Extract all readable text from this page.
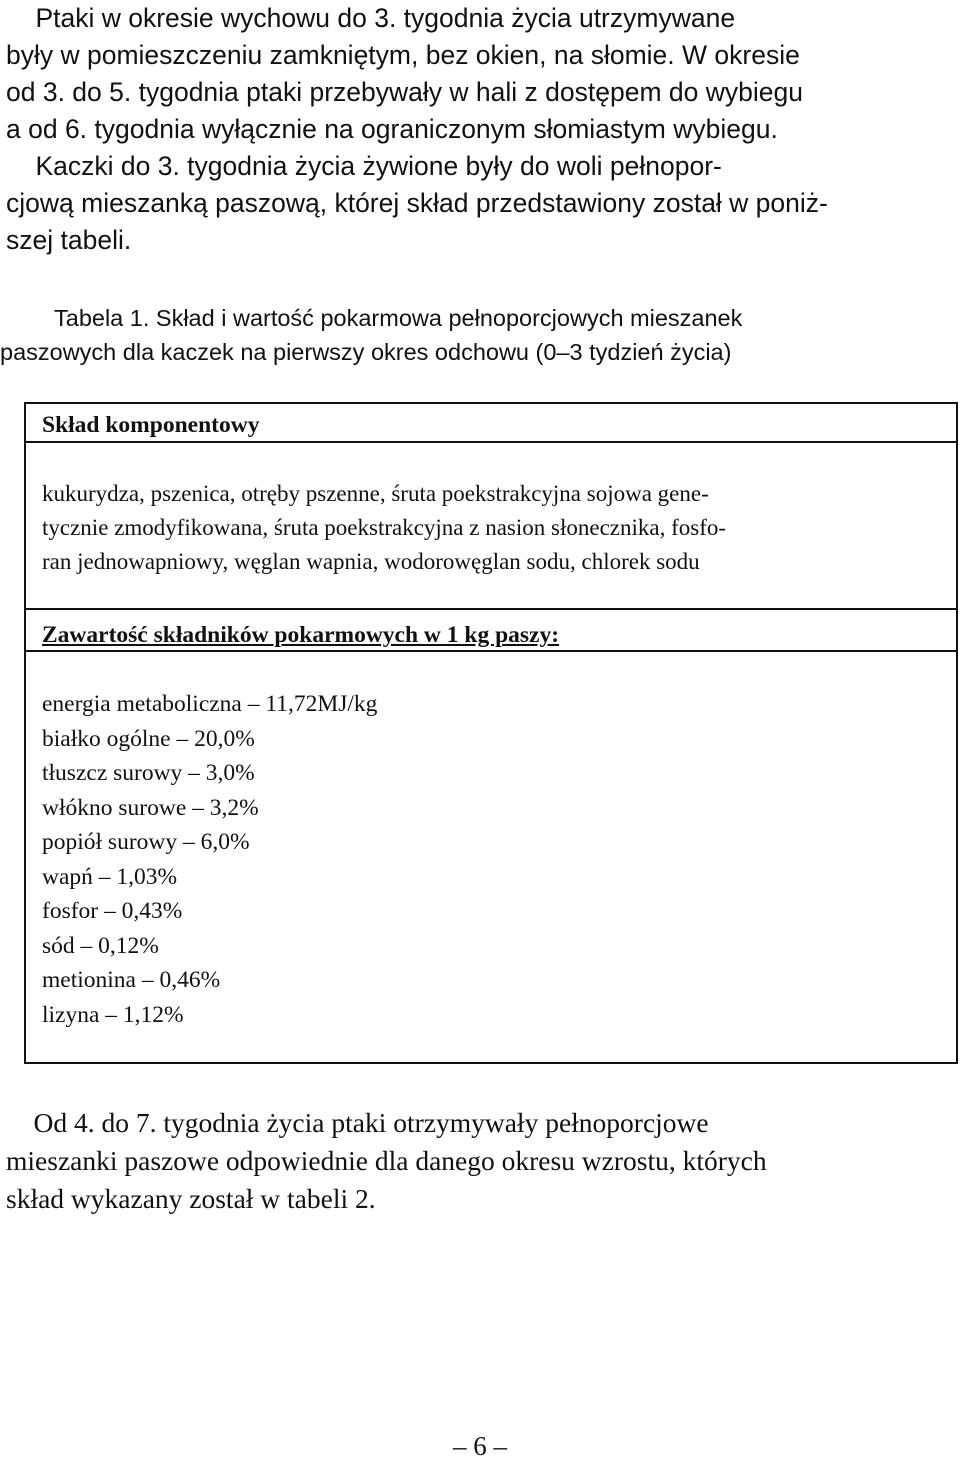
Ptaki w okresie wychowu do 3. tygodnia życia utrzymywane
były w pomieszczeniu zamkniętym, bez okien, na słomie. W okresie
od 3. do 5. tygodnia ptaki przebywały w hali z dostępem do wybiegu
a od 6. tygodnia wyłącznie na ograniczonym słomiastym wybiegu.
Kaczki do 3. tygodnia życia żywione były do woli pełnopor-
cjową mieszanką paszową, której skład przedstawiony został w poniż-
szej tabeli.
Tabela 1. Skład i wartość pokarmowa pełnoporcjowych mieszanek
paszowych dla kaczek na pierwszy okres odchowu (0–3 tydzień życia)
Skład komponentowy
kukurydza, pszenica, otręby pszenne, śruta poekstrakcyjna sojowa gene-
tycznie zmodyfikowana, śruta poekstrakcyjna z nasion słonecznika, fosfo-
ran jednowapniowy, węglan wapnia, wodorowęglan sodu, chlorek sodu
Zawartość składników pokarmowych w 1 kg paszy:
energia metaboliczna – 11,72MJ/kg
białko ogólne – 20,0%
tłuszcz surowy – 3,0%
włókno surowe – 3,2%
popiół surowy – 6,0%
wapń – 1,03%
fosfor – 0,43%
sód – 0,12%
metionina – 0,46%
lizyna – 1,12%
Od 4. do 7. tygodnia życia ptaki otrzymywały pełnoporcjowe
mieszanki paszowe odpowiednie dla danego okresu wzrostu, których
skład wykazany został w tabeli 2.
– 6 –
